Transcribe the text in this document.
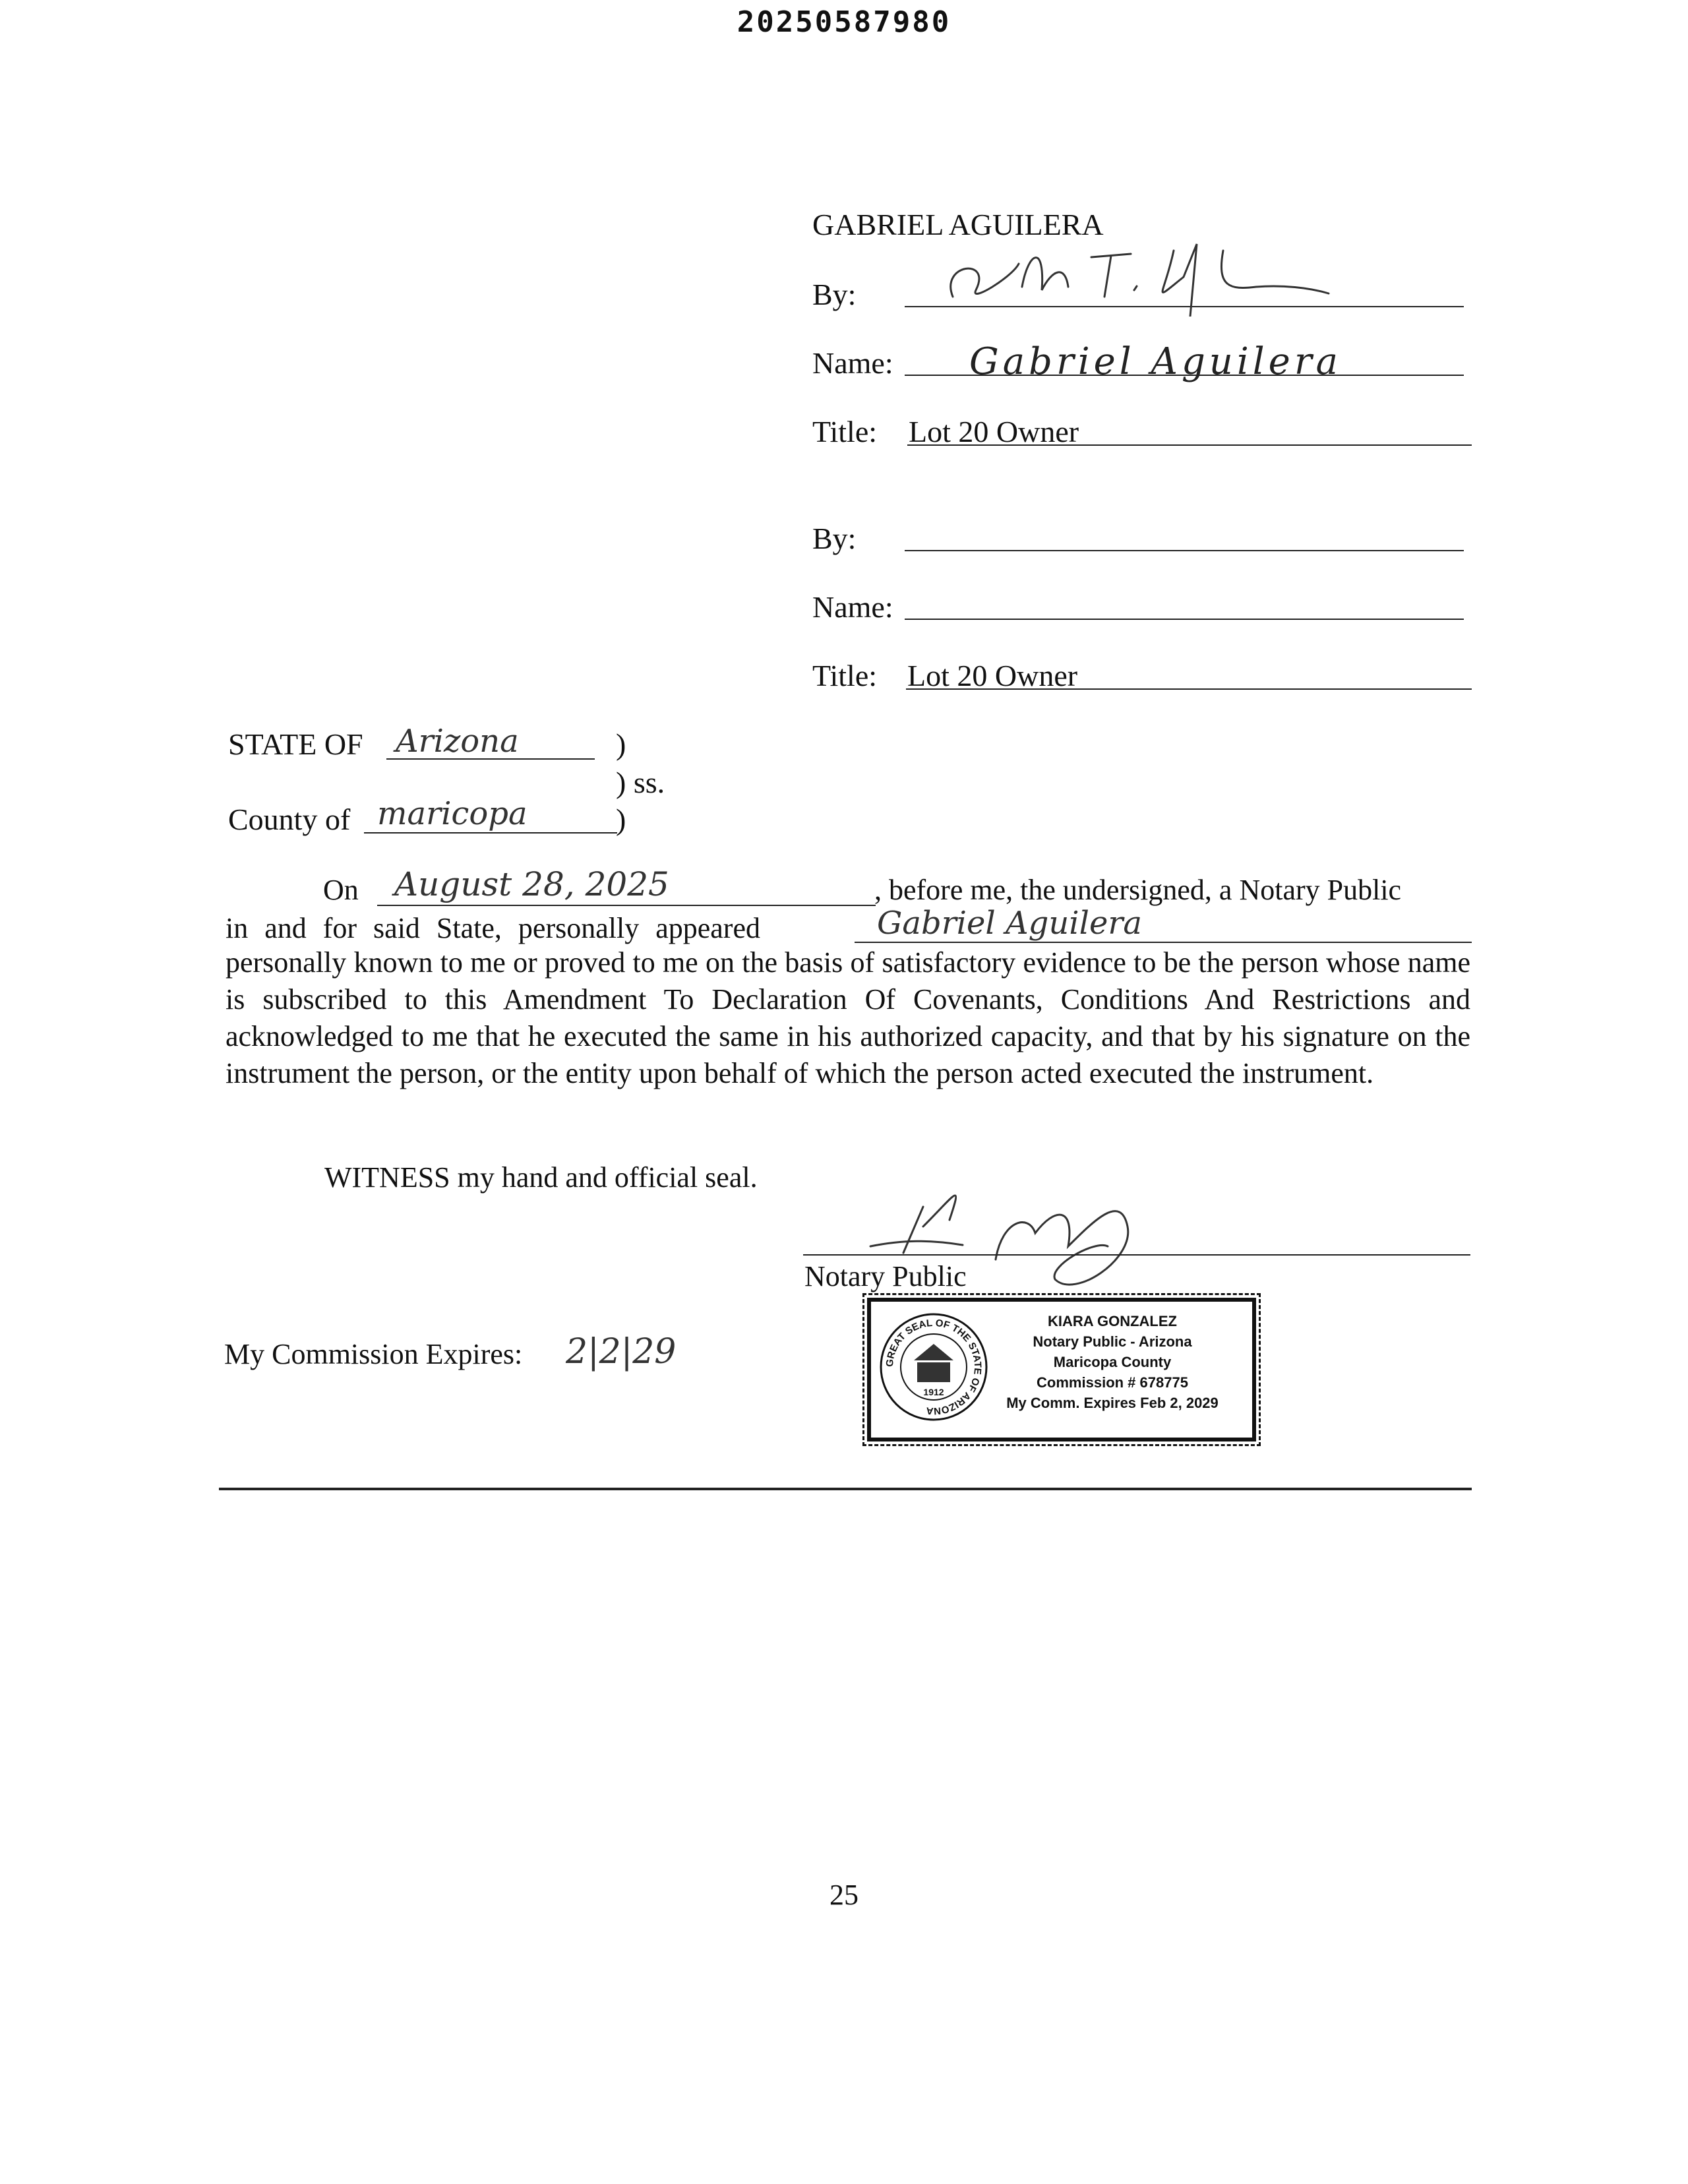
20250587980
GABRIEL AGUILERA
By:
Name: Gabriel Aguilera
Title: Lot 20 Owner
By:
Name:
Title: Lot 20 Owner
STATE OF Arizona	)
) ss.
County of maricopa	)
On August 28, 2025	, before me, the undersigned, a Notary Public
in and for said State, personally appeared	Gabriel Aguilera
personally known to me or proved to me on the basis of satisfactory evidence to be the person whose name is subscribed to this Amendment To Declaration Of Covenants, Conditions And Restrictions and acknowledged to me that he executed the same in his authorized capacity, and that by his signature on the instrument the person, or the entity upon behalf of which the person acted executed the instrument.
WITNESS my hand and official seal.
Notary Public
My Commission Expires: 2|2|29	GREAT SEAL OF THE STATE OF ARIZONA
1912
KIARA GONZALEZ
Notary Public - Arizona
Maricopa County
Commission # 678775
My Comm. Expires Feb 2, 2029
25
